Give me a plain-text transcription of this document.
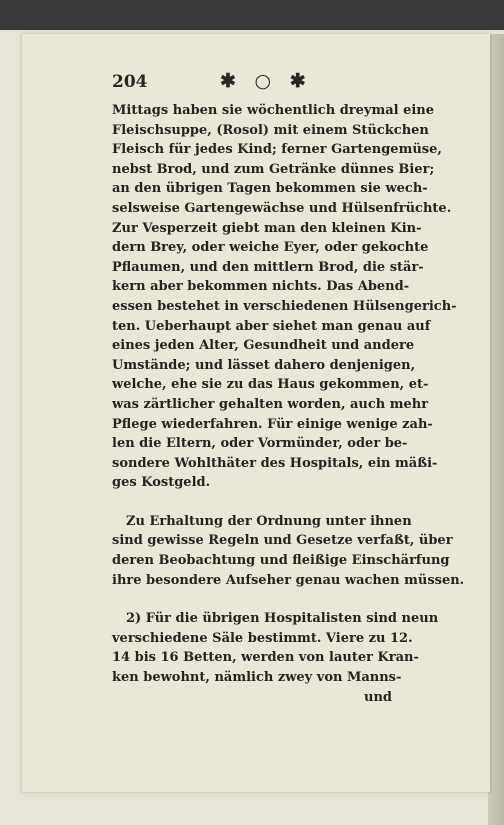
204	✱ ○ ✱
Mittags haben sie wöchentlich dreymal eine
Fleischsuppe, (Rosol) mit einem Stückchen
Fleisch für jedes Kind; ferner Gartengemüse,
nebst Brod, und zum Getränke dünnes Bier;
an den übrigen Tagen bekommen sie wech-
selsweise Gartengewächse und Hülsenfrüchte.
Zur Vesperzeit giebt man den kleinen Kin-
dern Brey, oder weiche Eyer, oder gekochte
Pflaumen, und den mittlern Brod, die stär-
kern aber bekommen nichts. Das Abend-
essen bestehet in verschiedenen Hülsengerich-
ten. Ueberhaupt aber siehet man genau auf
eines jeden Alter, Gesundheit und andere
Umstände; und lässet dahero denjenigen,
welche, ehe sie zu das Haus gekommen, et-
was zärtlicher gehalten worden, auch mehr
Pflege wiederfahren. Für einige wenige zah-
len die Eltern, oder Vormünder, oder be-
sondere Wohlthäter des Hospitals, ein mäßi-
ges Kostgeld.
Zu Erhaltung der Ordnung unter ihnen
sind gewisse Regeln und Gesetze verfaßt, über
deren Beobachtung und fleißige Einschärfung
ihre besondere Aufseher genau wachen müssen.
2) Für die übrigen Hospitalisten sind neun
verschiedene Säle bestimmt. Viere zu 12.
14 bis 16 Betten, werden von lauter Kran-
ken bewohnt, nämlich zwey von Manns-
und
